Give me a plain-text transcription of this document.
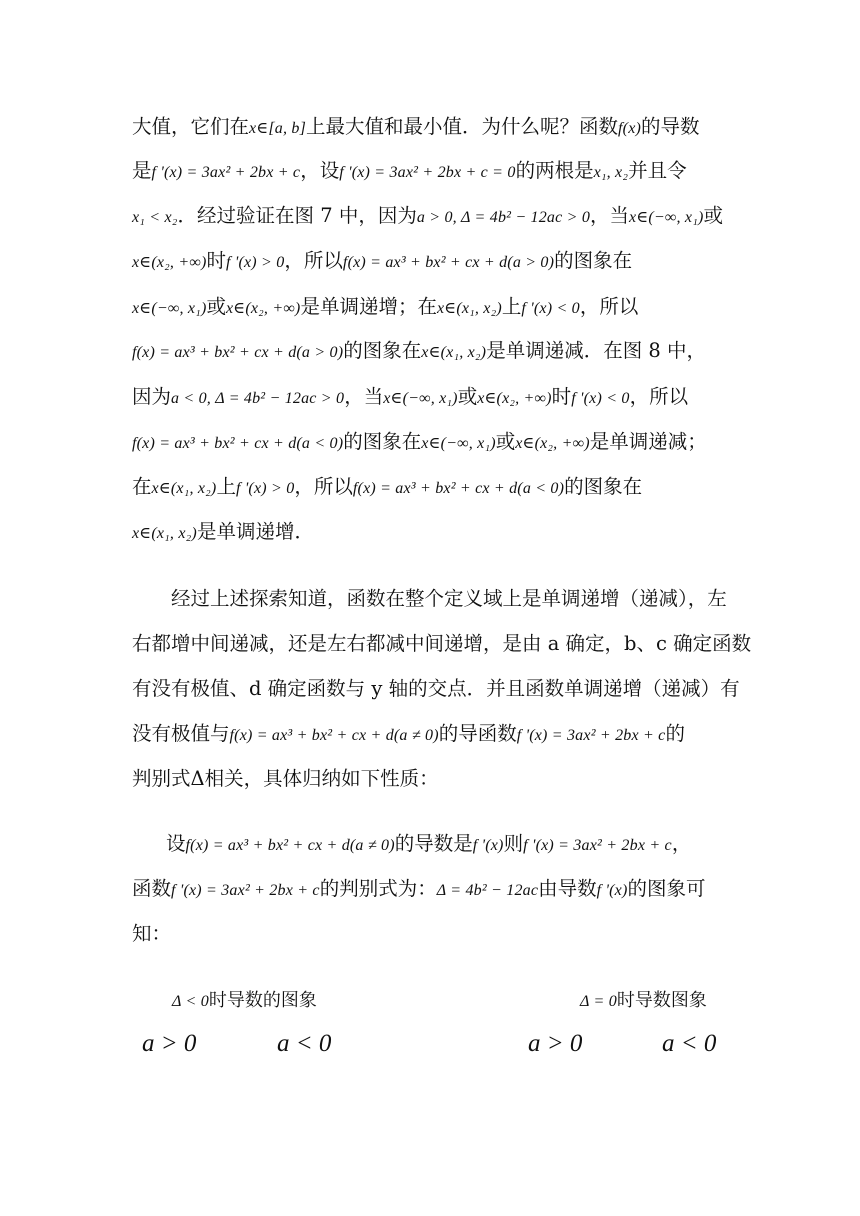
大值，它们在x∈[a, b]上最大值和最小值．为什么呢？函数f(x)的导数
是f '(x) = 3ax² + 2bx + c，设f '(x) = 3ax² + 2bx + c = 0的两根是x₁, x₂并且令
x₁ < x₂．经过验证在图 7 中，因为a > 0, Δ = 4b² − 12ac > 0，当x∈(−∞, x₁)或
x∈(x₂, +∞)时f '(x) > 0，所以f(x) = ax³ + bx² + cx + d(a > 0)的图象在
x∈(−∞, x₁)或x∈(x₂, +∞)是单调递增；在x∈(x₁, x₂)上f '(x) < 0，所以
f(x) = ax³ + bx² + cx + d(a > 0)的图象在x∈(x₁, x₂)是单调递减．在图 8 中，
因为a < 0, Δ = 4b² − 12ac > 0，当x∈(−∞, x₁)或x∈(x₂, +∞)时f '(x) < 0，所以
f(x) = ax³ + bx² + cx + d(a < 0)的图象在x∈(−∞, x₁)或x∈(x₂, +∞)是单调递减；
在x∈(x₁, x₂)上f '(x) > 0，所以f(x) = ax³ + bx² + cx + d(a < 0)的图象在
x∈(x₁, x₂)是单调递增．
经过上述探索知道，函数在整个定义域上是单调递增（递减），左
右都增中间递减，还是左右都减中间递增，是由 a 确定，b、c 确定函数
有没有极值、d 确定函数与 y 轴的交点．并且函数单调递增（递减）有
没有极值与f(x) = ax³ + bx² + cx + d(a ≠ 0)的导函数f '(x) = 3ax² + 2bx + c的
判别式Δ相关，具体归纳如下性质：
设f(x) = ax³ + bx² + cx + d(a ≠ 0)的导数是f '(x)则f '(x) = 3ax² + 2bx + c，
函数f '(x) = 3ax² + 2bx + c的判别式为：Δ = 4b² − 12ac由导数f '(x)的图象可
知：
Δ < 0时导数的图象	Δ = 0时导数图象
a > 0	a < 0	a > 0	a < 0
